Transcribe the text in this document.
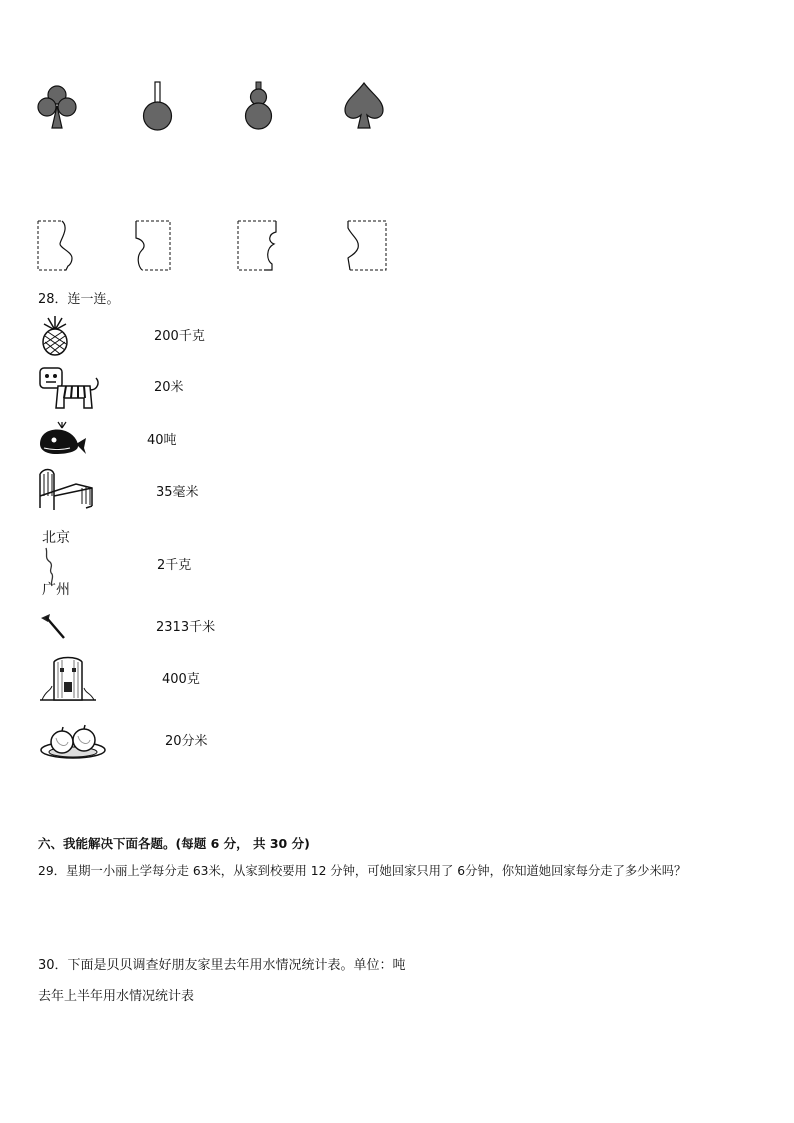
28．连一连。
北京
广州
200千克
20米
40吨
35毫米
2千克
2313千米
400克
20分米
六、我能解决下面各题。(每题 6 分， 共 30 分)
29．星期一小丽上学每分走 63米，从家到校要用 12 分钟，可她回家只用了 6分钟，你知道她回家每分走了多少米吗？
30．下面是贝贝调查好朋友家里去年用水情况统计表。单位：吨
去年上半年用水情况统计表
